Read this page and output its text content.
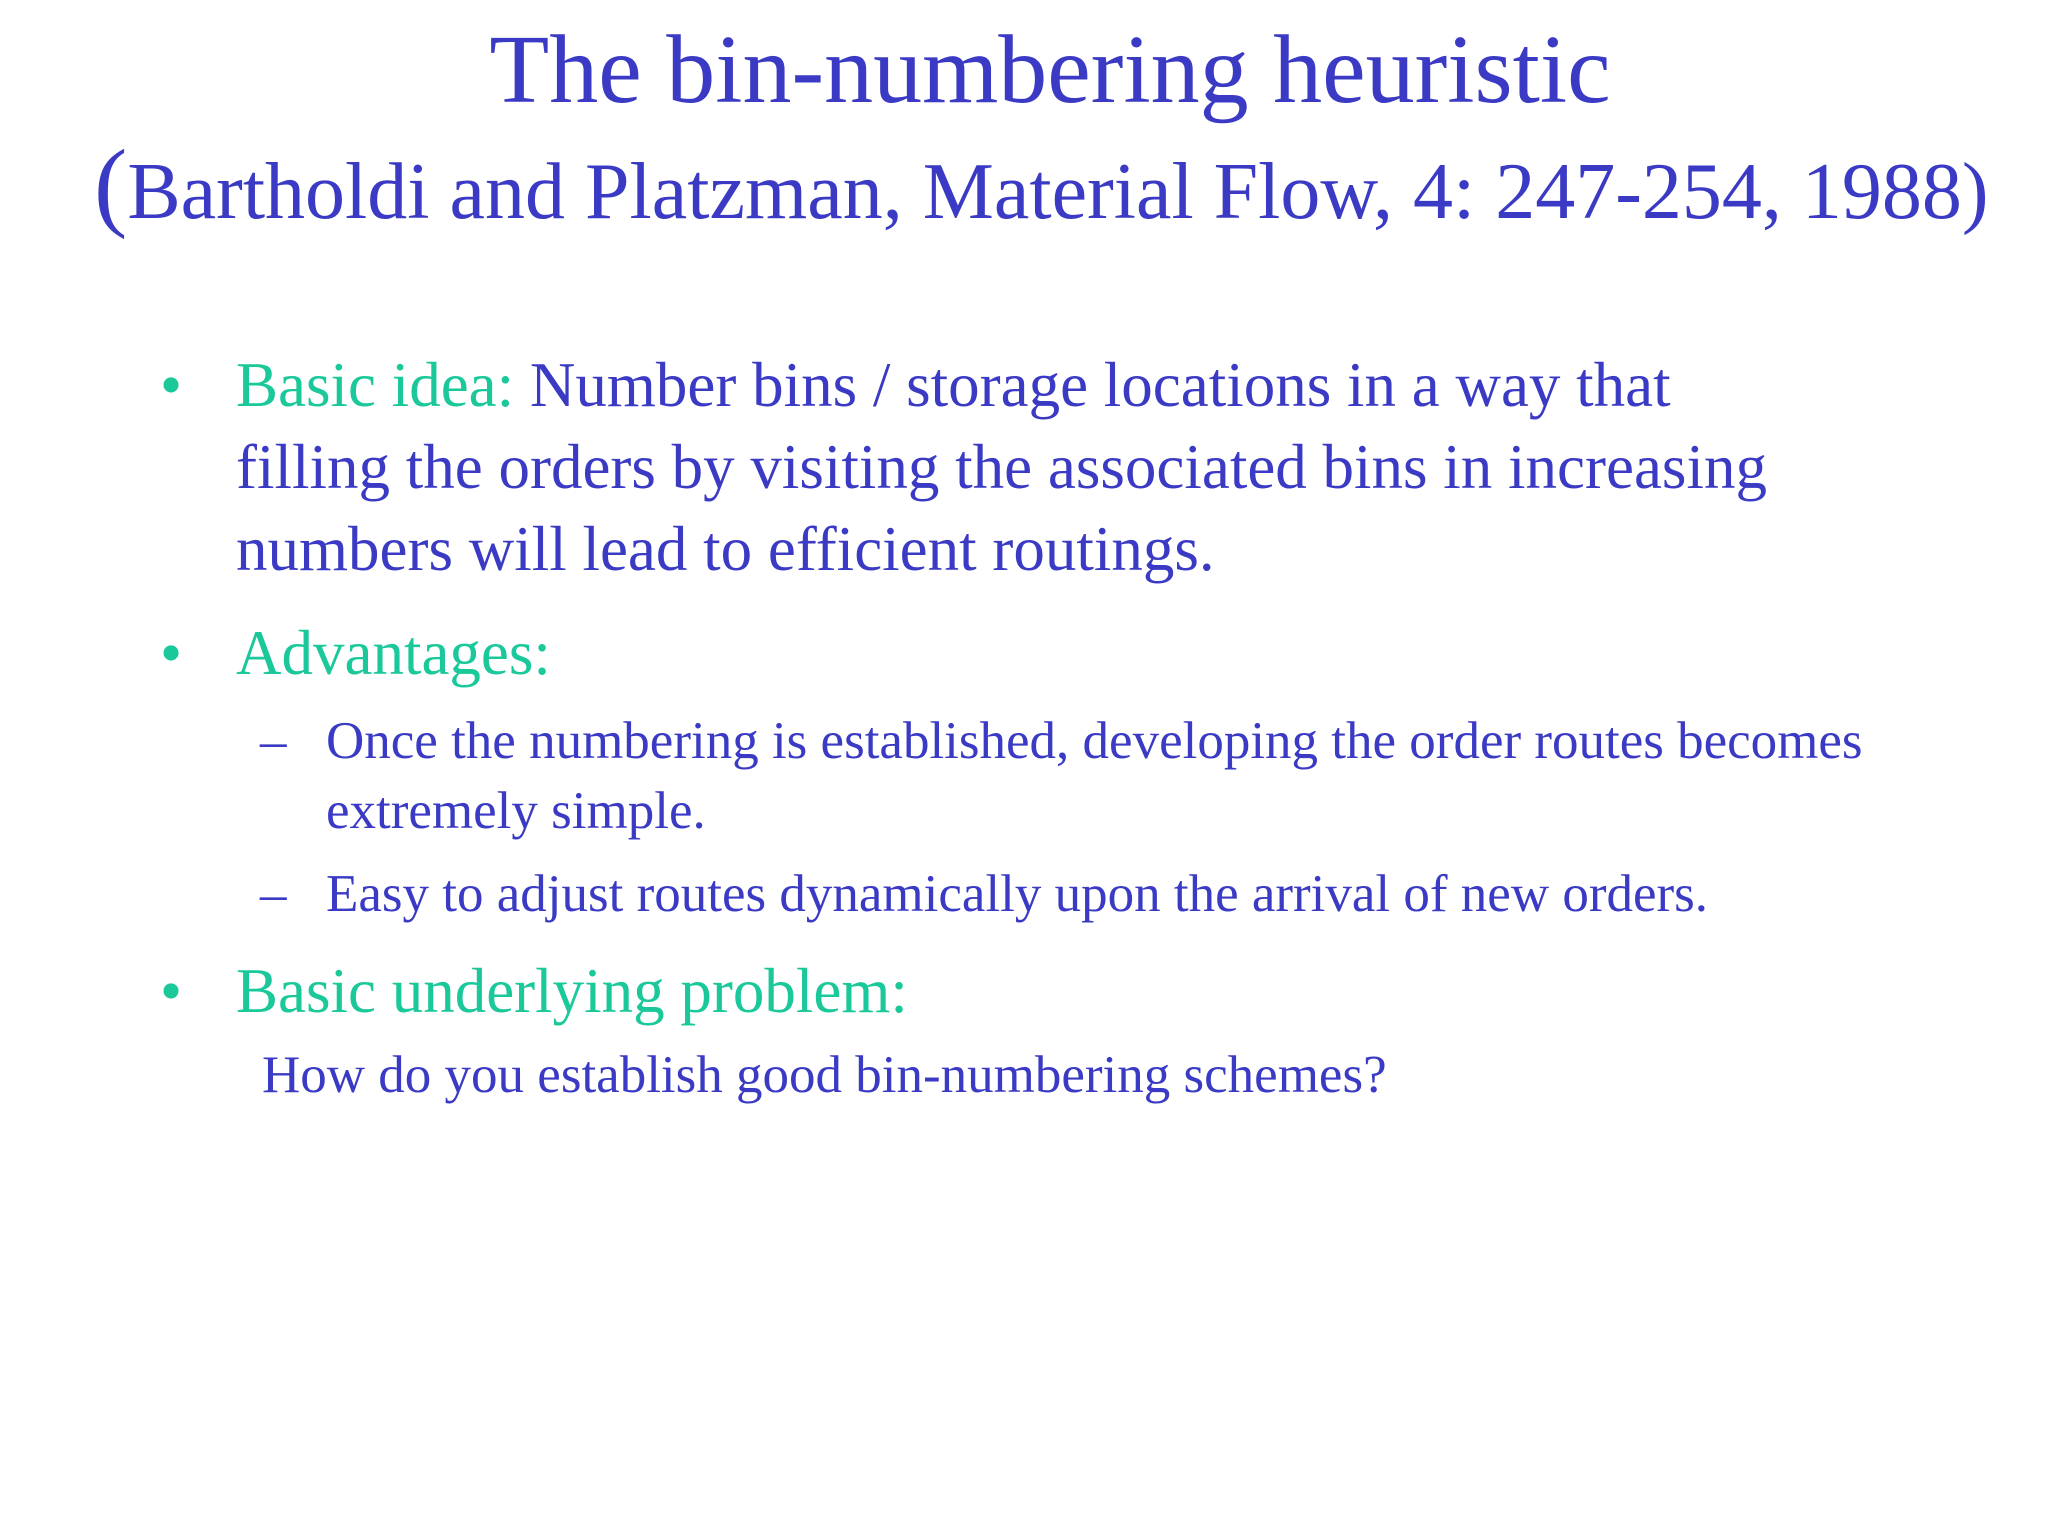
The bin-numbering heuristic
(Bartholdi and Platzman, Material Flow, 4: 247-254, 1988)
• Basic idea: Number bins / storage locations in a way that filling the orders by visiting the associated bins in increasing numbers will lead to efficient routings.
• Advantages:
– Once the numbering is established, developing the order routes becomes extremely simple.
– Easy to adjust routes dynamically upon the arrival of new orders.
• Basic underlying problem:
How do you establish good bin-numbering schemes?
